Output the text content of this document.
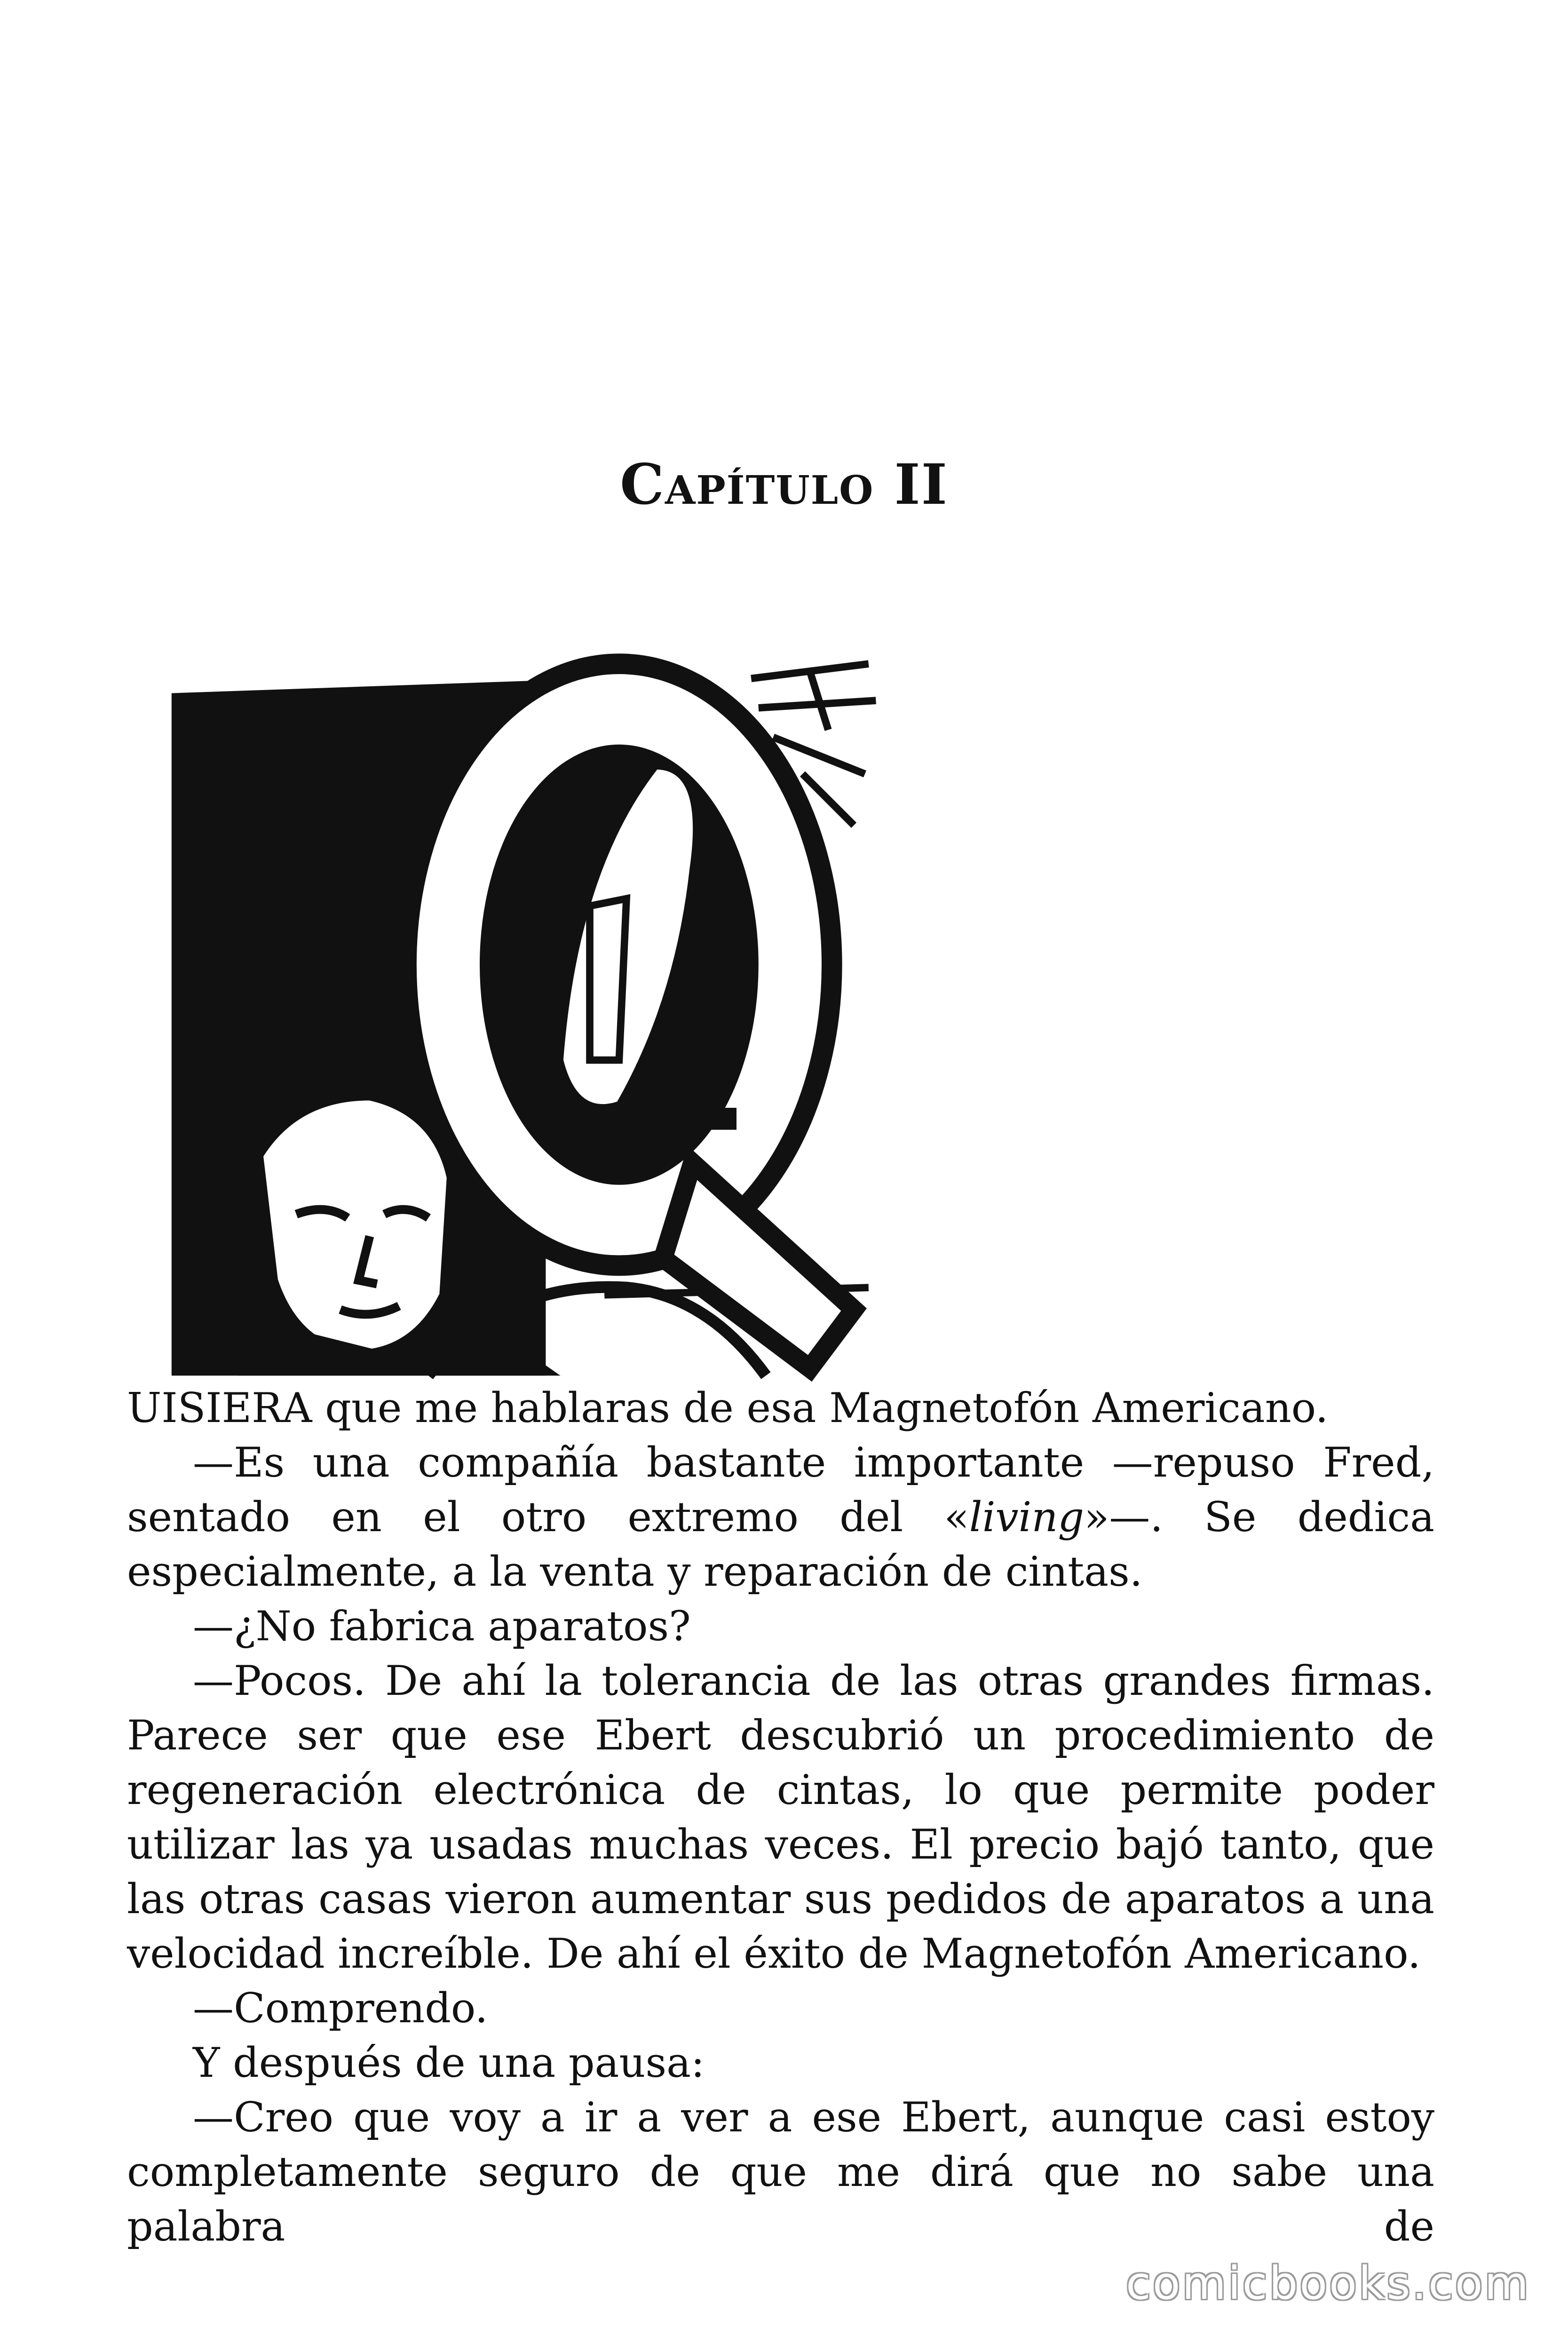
Capítulo II

UISIERA que me hablaras de esa Magnetofón Americano.

—Es una compañía bastante importante —repuso Fred, sentado en el otro extremo del «living»—. Se dedica especialmente, a la venta y reparación de cintas.

—¿No fabrica aparatos?

—Pocos. De ahí la tolerancia de las otras grandes firmas. Parece ser que ese Ebert descubrió un procedimiento de regeneración electrónica de cintas, lo que permite poder utilizar las ya usadas muchas veces. El precio bajó tanto, que las otras casas vieron aumentar sus pedidos de aparatos a una velocidad increíble. De ahí el éxito de Magnetofón Americano.

—Comprendo.

Y después de una pausa:

—Creo que voy a ir a ver a ese Ebert, aunque casi estoy completamente seguro de que me dirá que no sabe una palabra de

comicbooks.com
